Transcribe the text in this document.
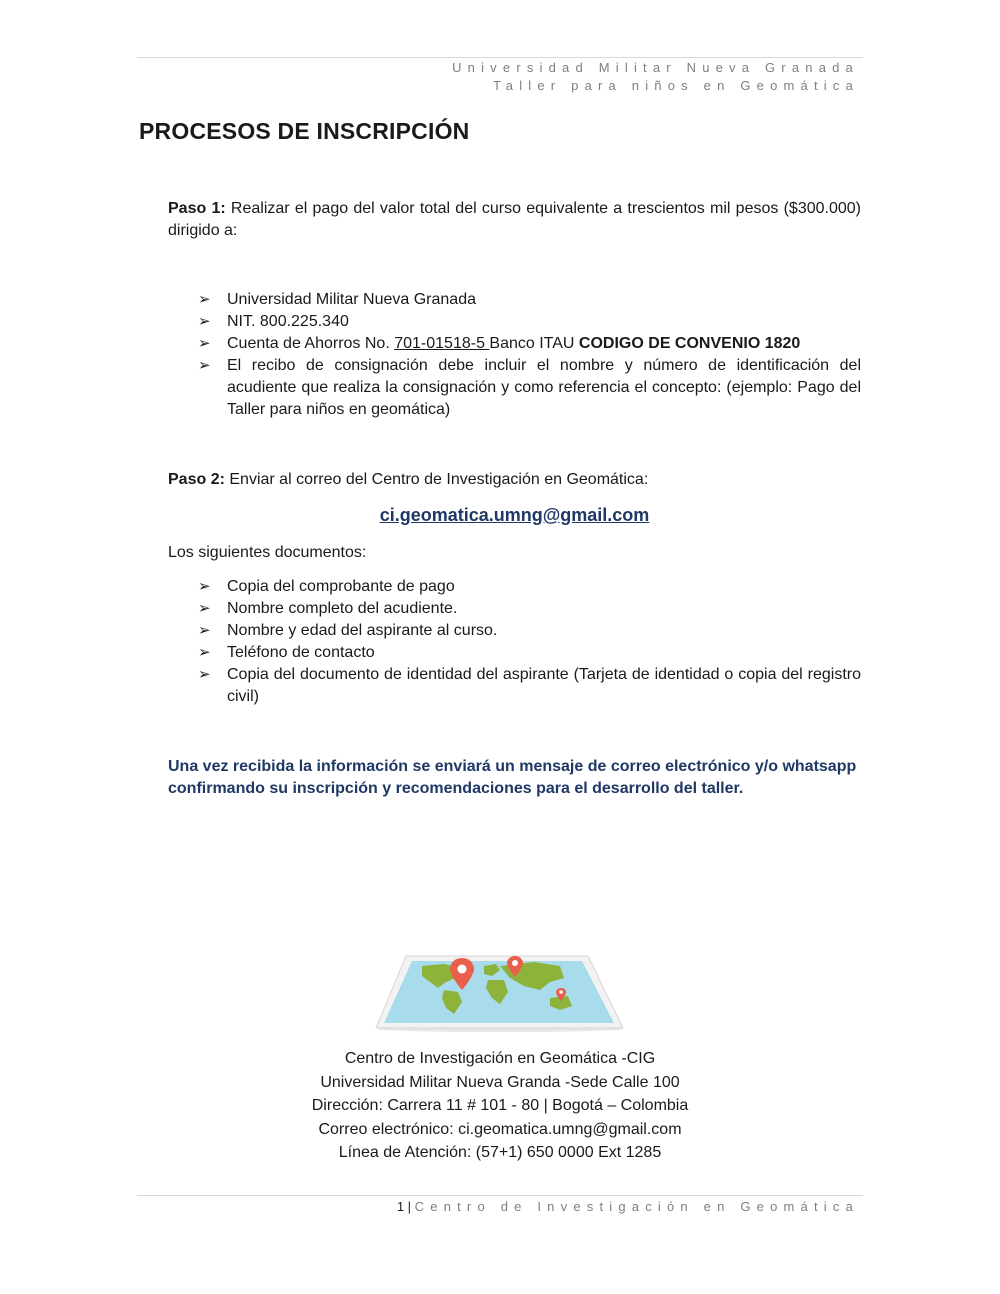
Universidad Militar Nueva Granada
Taller para niños en Geomática
PROCESOS DE INSCRIPCIÓN
Paso 1: Realizar el pago del valor total del curso equivalente a trescientos mil pesos ($300.000) dirigido a:
➢ Universidad Militar Nueva Granada
➢ NIT. 800.225.340
➢ Cuenta de Ahorros No. 701-01518-5 Banco ITAU CODIGO DE CONVENIO 1820
➢ El recibo de consignación debe incluir el nombre y número de identificación del acudiente que realiza la consignación y como referencia el concepto: (ejemplo: Pago del Taller para niños en geomática)
Paso 2: Enviar al correo del Centro de Investigación en Geomática:
ci.geomatica.umng@gmail.com
Los siguientes documentos:
➢ Copia del comprobante de pago
➢ Nombre completo del acudiente.
➢ Nombre y edad del aspirante al curso.
➢ Teléfono de contacto
➢ Copia del documento de identidad del aspirante (Tarjeta de identidad o copia del registro civil)
Una vez recibida la información se enviará un mensaje de correo electrónico y/o whatsapp confirmando su inscripción y recomendaciones para el desarrollo del taller.
Centro de Investigación en Geomática -CIG
Universidad Militar Nueva Granda -Sede Calle 100
Dirección: Carrera 11 # 101 - 80 | Bogotá – Colombia
Correo electrónico: ci.geomatica.umng@gmail.com
Línea de Atención: (57+1) 650 0000 Ext 1285
1 | Centro de Investigación en Geomática
